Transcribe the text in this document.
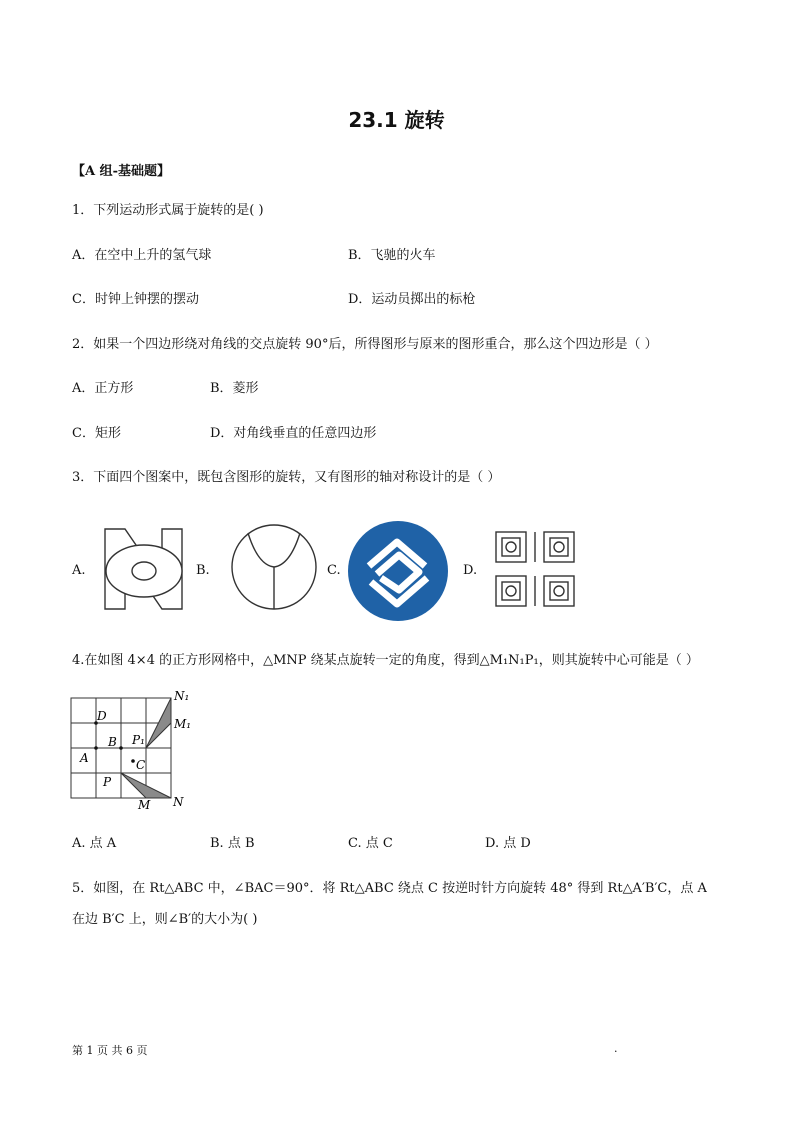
23.1 旋转
【A 组-基础题】
1．下列运动形式属于旋转的是( )
A．在空中上升的氢气球	B．飞驰的火车
C．时钟上钟摆的摆动	D．运动员掷出的标枪
2．如果一个四边形绕对角线的交点旋转 90°后，所得图形与原来的图形重合，那么这个四边形是（ ）
A．正方形	B．菱形
C．矩形	D．对角线垂直的任意四边形
3．下面四个图案中，既包含图形的旋转，又有图形的轴对称设计的是（ ）
A.	B.	C.	D.
4.在如图 4×4 的正方形网格中，△MNP 绕某点旋转一定的角度，得到△M₁N₁P₁，则其旋转中心可能是（ ）
N₁
M₁
D
P₁
B
A	C
P
M N
A. 点 A	B. 点 B	C. 点 C	D. 点 D
5．如图，在 Rt△ABC 中，∠BAC＝90°．将 Rt△ABC 绕点 C 按逆时针方向旋转 48° 得到 Rt△A′B′C，点 A
在边 B′C 上，则∠B′的大小为( )
第 1 页 共 6 页	.
